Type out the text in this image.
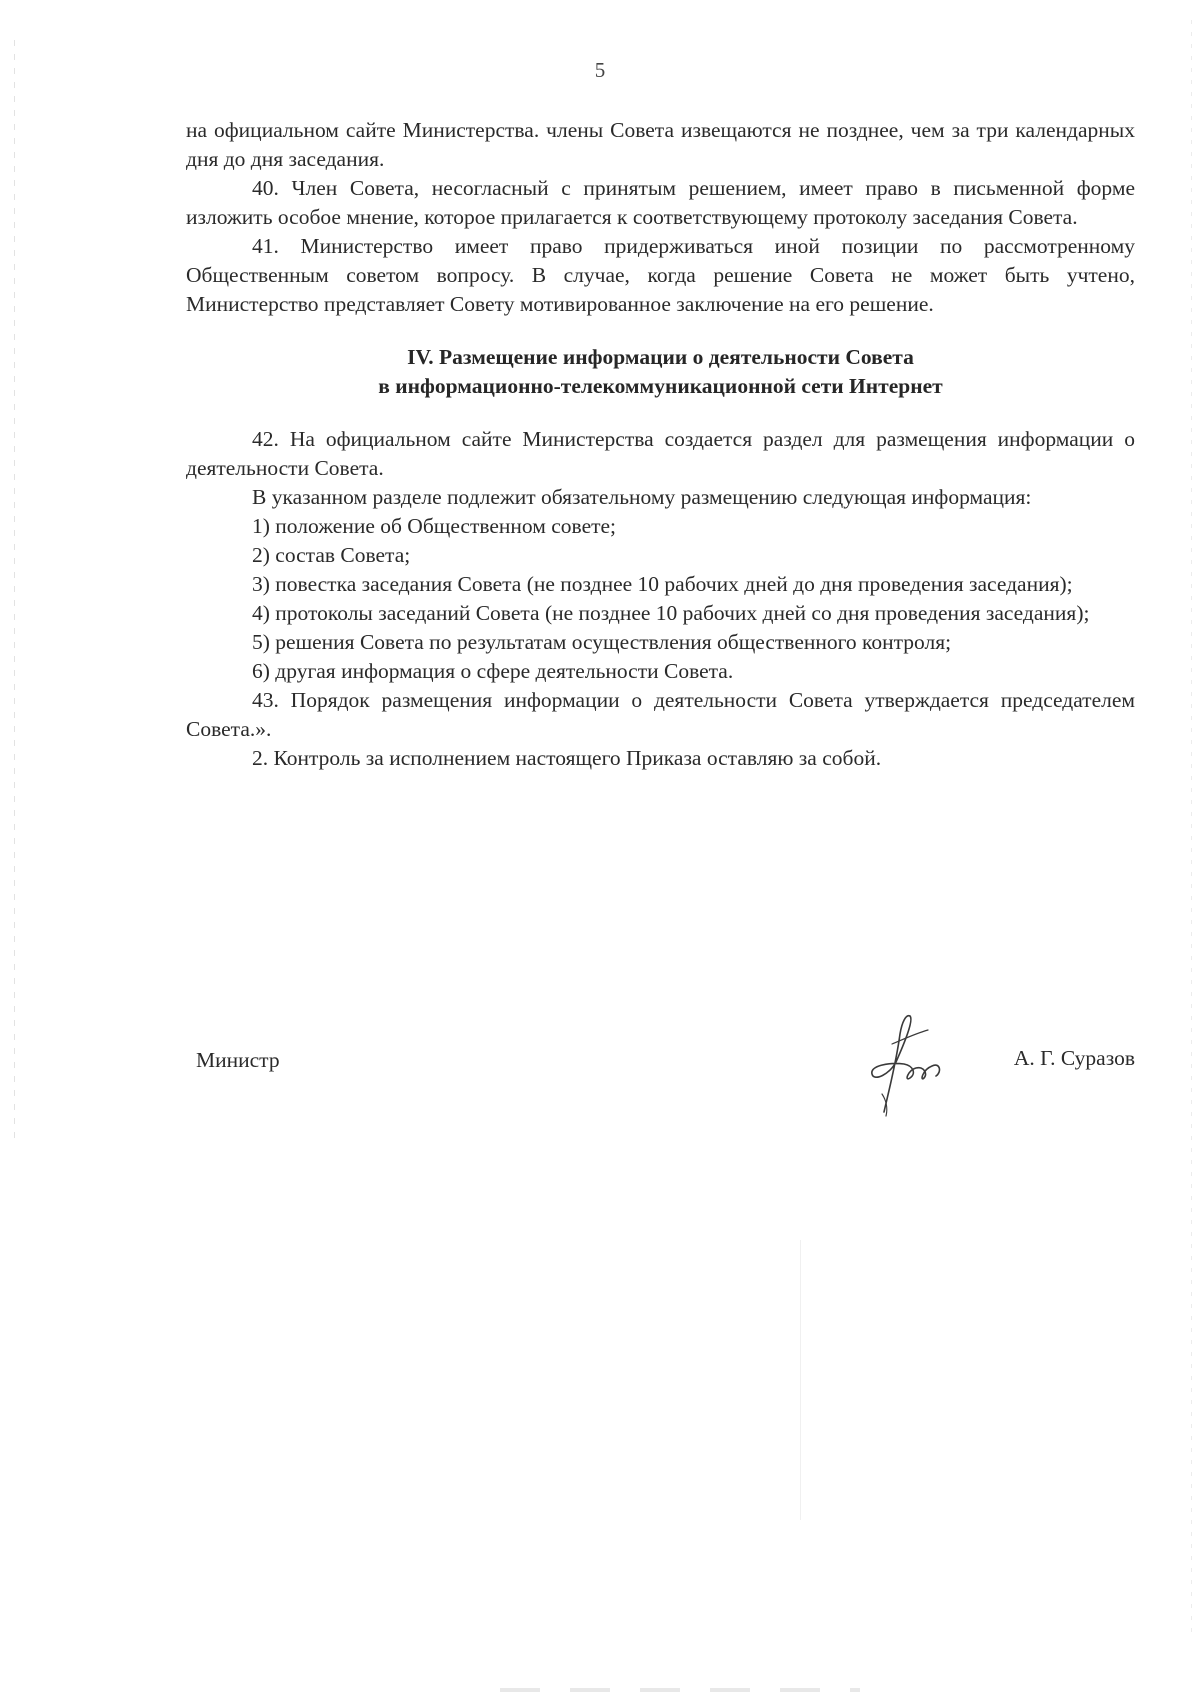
5

на официальном сайте Министерства. члены Совета извещаются не позднее, чем за три календарных дня до дня заседания.

40. Член Совета, несогласный с принятым решением, имеет право в письменной форме изложить особое мнение, которое прилагается к соответствующему протоколу заседания Совета.

41. Министерство имеет право придерживаться иной позиции по рассмотренному Общественным советом вопросу. В случае, когда решение Совета не может быть учтено, Министерство представляет Совету мотивированное заключение на его решение.

IV. Размещение информации о деятельности Совета
в информационно-телекоммуникационной сети Интернет

42. На официальном сайте Министерства создается раздел для размещения информации о деятельности Совета.

В указанном разделе подлежит обязательному размещению следующая информация:

1) положение об Общественном совете;

2) состав Совета;

3) повестка заседания Совета (не позднее 10 рабочих дней до дня проведения заседания);

4) протоколы заседаний Совета (не позднее 10 рабочих дней со дня проведения заседания);

5) решения Совета по результатам осуществления общественного контроля;

6) другая информация о сфере деятельности Совета.

43. Порядок размещения информации о деятельности Совета утверждается председателем Совета.».

2. Контроль за исполнением настоящего Приказа оставляю за собой.

Министр	А. Г. Суразов
